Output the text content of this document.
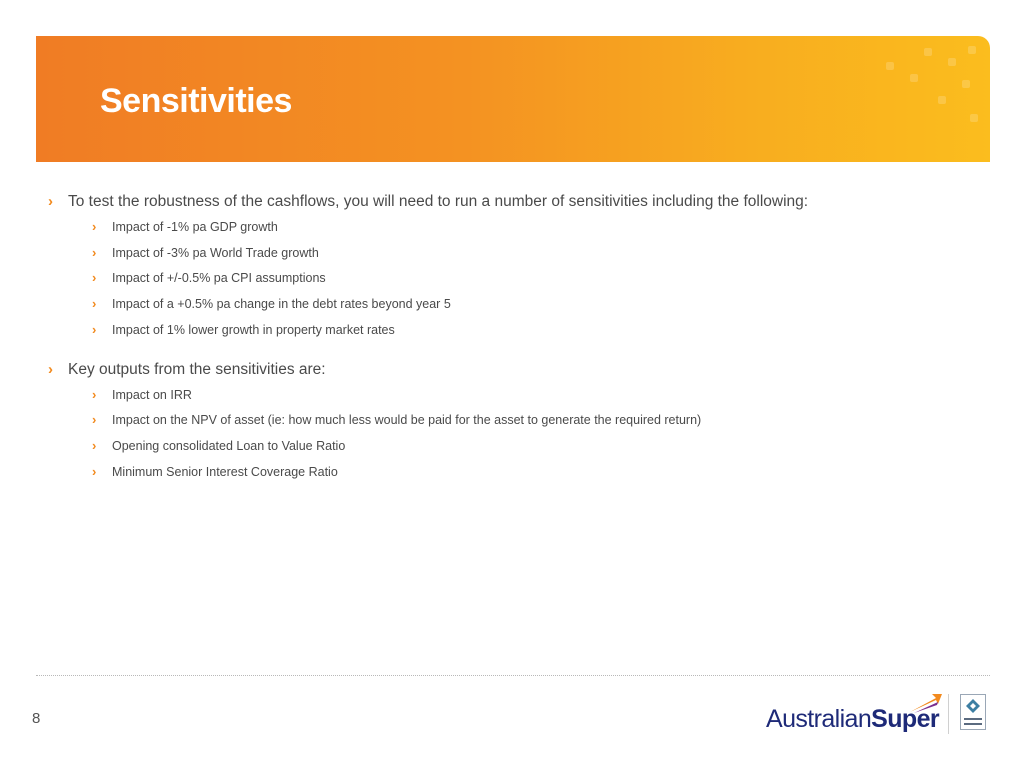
Sensitivities
› To test the robustness of the cashflows, you will need to run a number of sensitivities including the following:
› Impact of -1% pa GDP growth
› Impact of -3% pa World Trade growth
› Impact of +/-0.5% pa CPI assumptions
› Impact of a +0.5% pa change in the debt rates beyond year 5
› Impact of 1% lower growth in property market rates
› Key outputs from the sensitivities are:
› Impact on IRR
› Impact on the NPV of asset (ie: how much less would be paid for the asset to generate the required return)
› Opening consolidated Loan to Value Ratio
› Minimum Senior Interest Coverage Ratio
8	AustralianSuper
